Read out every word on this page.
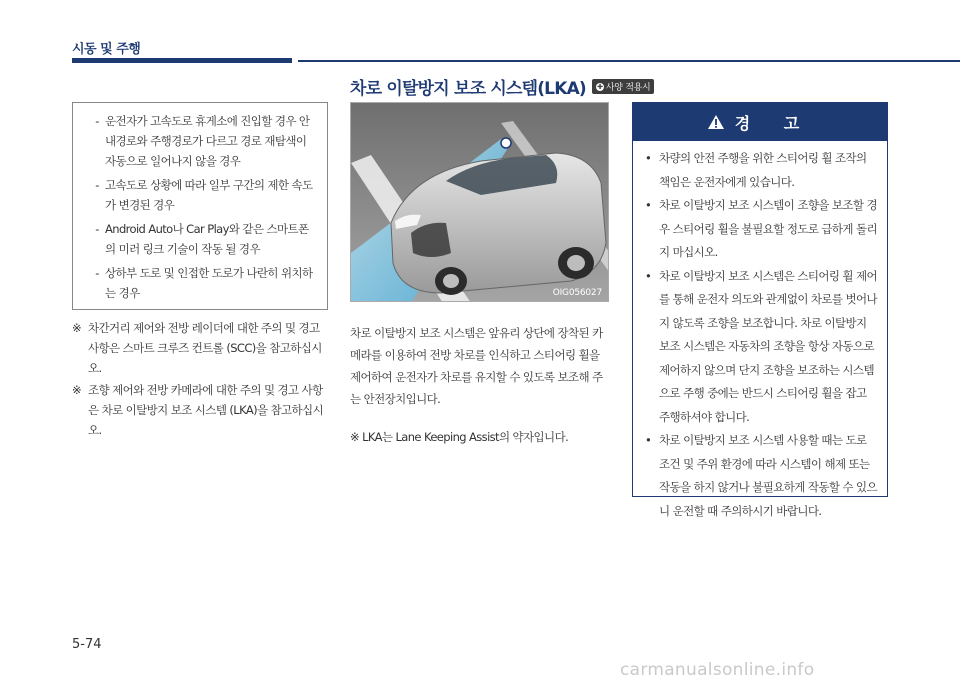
시동 및 주행
차로 이탈방지 보조 시스템(LKA) ✚ 사양 적용시
- 운전자가 고속도로 휴게소에 진입할 경우 안내경로와 주행경로가 다르고 경로 재탐색이 자동으로 일어나지 않을 경우
- 고속도로 상황에 따라 일부 구간의 제한 속도가 변경된 경우
- Android Auto나 Car Play와 같은 스마트폰의 미러 링크 기술이 작동 될 경우
- 상하부 도로 및 인접한 도로가 나란히 위치하는 경우
※ 차간거리 제어와 전방 레이더에 대한 주의 및 경고 사항은 스마트 크루즈 컨트롤 (SCC)을 참고하십시오.
※ 조향 제어와 전방 카메라에 대한 주의 및 경고 사항은 차로 이탈방지 보조 시스템 (LKA)을 참고하십시오.
OIG056027
차로 이탈방지 보조 시스템은 앞유리 상단에 장착된 카메라를 이용하여 전방 차로를 인식하고 스티어링 휠을 제어하여 운전자가 차로를 유지할 수 있도록 보조해 주는 안전장치입니다.
※ LKA는 Lane Keeping Assist의 약자입니다.
경 고
• 차량의 안전 주행을 위한 스티어링 휠 조작의 책임은 운전자에게 있습니다.
• 차로 이탈방지 보조 시스템이 조향을 보조할 경우 스티어링 휠을 불필요할 정도로 급하게 돌리지 마십시오.
• 차로 이탈방지 보조 시스템은 스티어링 휠 제어를 통해 운전자 의도와 관계없이 차로를 벗어나지 않도록 조향을 보조합니다. 차로 이탈방지 보조 시스템은 자동차의 조향을 항상 자동으로 제어하지 않으며 단지 조향을 보조하는 시스템으로 주행 중에는 반드시 스티어링 휠을 잡고 주행하셔야 합니다.
• 차로 이탈방지 보조 시스템 사용할 때는 도로 조건 및 주위 환경에 따라 시스템이 해제 또는 작동을 하지 않거나 불필요하게 작동할 수 있으니 운전할 때 주의하시기 바랍니다.
5-74
carmanualsonline.info
